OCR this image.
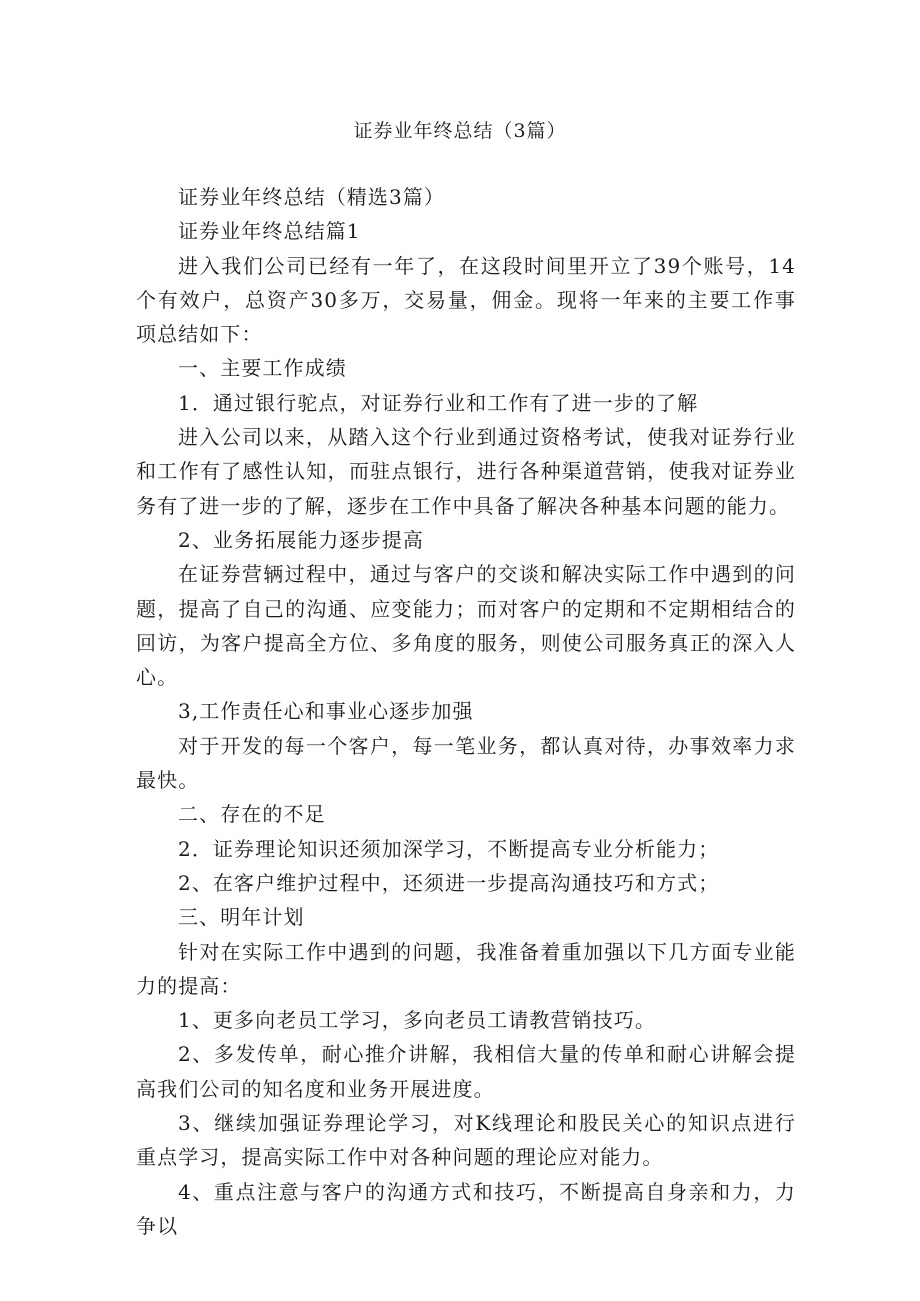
证券业年终总结（3篇）

证券业年终总结（精选3篇）

证券业年终总结篇1

进入我们公司已经有一年了，在这段时间里开立了39个账号，14个有效户，总资产30多万，交易量，佣金。现将一年来的主要工作事项总结如下：

一、主要工作成绩

1．通过银行驼点，对证券行业和工作有了进一步的了解

进入公司以来，从踏入这个行业到通过资格考试，使我对证券行业和工作有了感性认知，而驻点银行，进行各种渠道营销，使我对证券业务有了进一步的了解，逐步在工作中具备了解决各种基本问题的能力。

2、业务拓展能力逐步提高

在证券营辆过程中，通过与客户的交谈和解决实际工作中遇到的问题，提高了自己的沟通、应变能力；而对客户的定期和不定期相结合的回访，为客户提高全方位、多角度的服务，则使公司服务真正的深入人心。

3,工作责任心和事业心逐步加强

对于开发的每一个客户，每一笔业务，都认真对待，办事效率力求最快。

二、存在的不足

2．证券理论知识还须加深学习，不断提高专业分析能力；

2、在客户维护过程中，还须进一步提高沟通技巧和方式；

三、明年计划

针对在实际工作中遇到的问题，我准备着重加强以下几方面专业能力的提高：

1、更多向老员工学习，多向老员工请教营销技巧。

2、多发传单，耐心推介讲解，我相信大量的传单和耐心讲解会提高我们公司的知名度和业务开展进度。

3、继续加强证券理论学习，对K线理论和股民关心的知识点进行重点学习，提高实际工作中对各种问题的理论应对能力。

4、重点注意与客户的沟通方式和技巧，不断提高自身亲和力，力争以
